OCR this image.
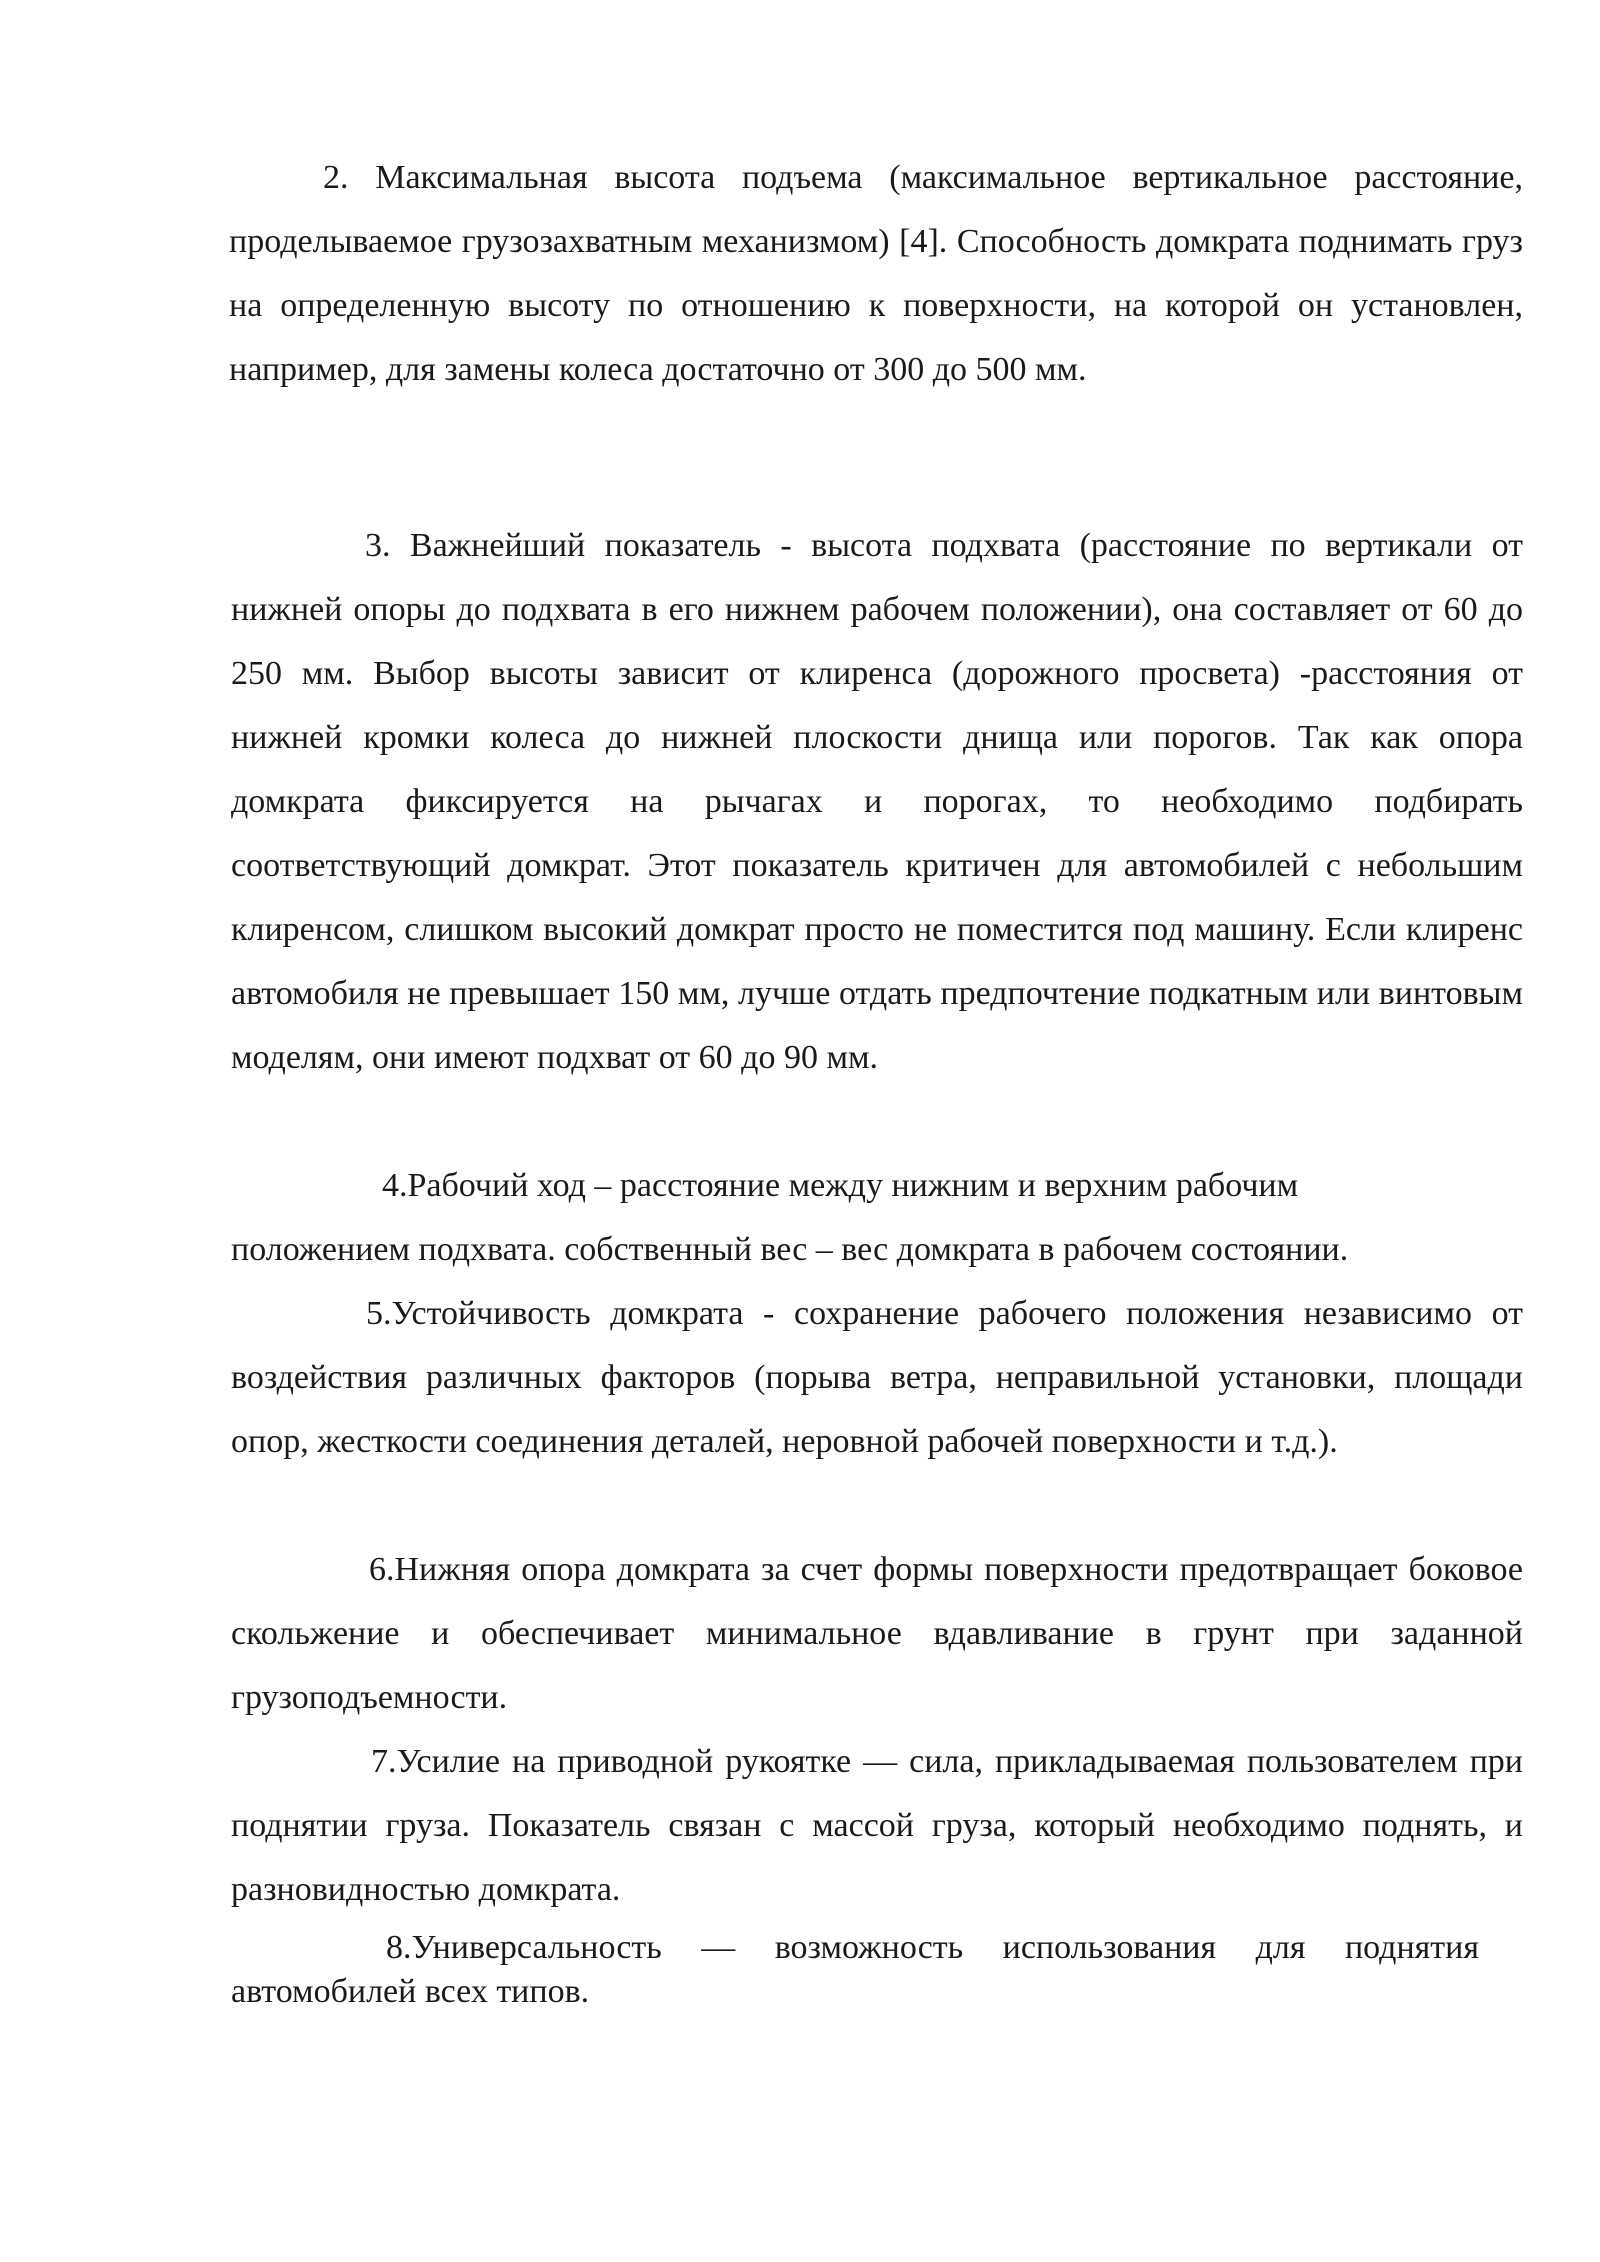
2. Максимальная высота подъема (максимальное вертикальное расстояние, проделываемое грузозахватным механизмом) [4]. Способность домкрата поднимать груз на определенную высоту по отношению к поверхности, на которой он установлен, например, для замены колеса достаточно от 300 до 500 мм.

3. Важнейший показатель - высота подхвата (расстояние по вертикали от нижней опоры до подхвата в его нижнем рабочем положении), она составляет от 60 до 250 мм. Выбор высоты зависит от клиренса (дорожного просвета) -расстояния от нижней кромки колеса до нижней плоскости днища или порогов. Так как опора домкрата фиксируется на рычагах и порогах, то необходимо подбирать соответствующий домкрат. Этот показатель критичен для автомобилей с небольшим клиренсом, слишком высокий домкрат просто не поместится под машину. Если клиренс автомобиля не превышает 150 мм, лучше отдать предпочтение подкатным или винтовым моделям, они имеют подхват от 60 до 90 мм.

4.Рабочий ход – расстояние между нижним и верхним рабочим
положением подхвата. собственный вес – вес домкрата в рабочем состоянии.

5.Устойчивость домкрата - сохранение рабочего положения независимо от воздействия различных факторов (порыва ветра, неправильной установки, площади опор, жесткости соединения деталей, неровной рабочей поверхности и т.д.).

6.Нижняя опора домкрата за счет формы поверхности предотвращает боковое скольжение и обеспечивает минимальное вдавливание в грунт при заданной грузоподъемности.

7.Усилие на приводной рукоятке — сила, прикладываемая пользователем при поднятии груза. Показатель связан с массой груза, который необходимо поднять, и разновидностью домкрата.

8.Универсальность — возможность использования для поднятия автомобилей всех типов.
